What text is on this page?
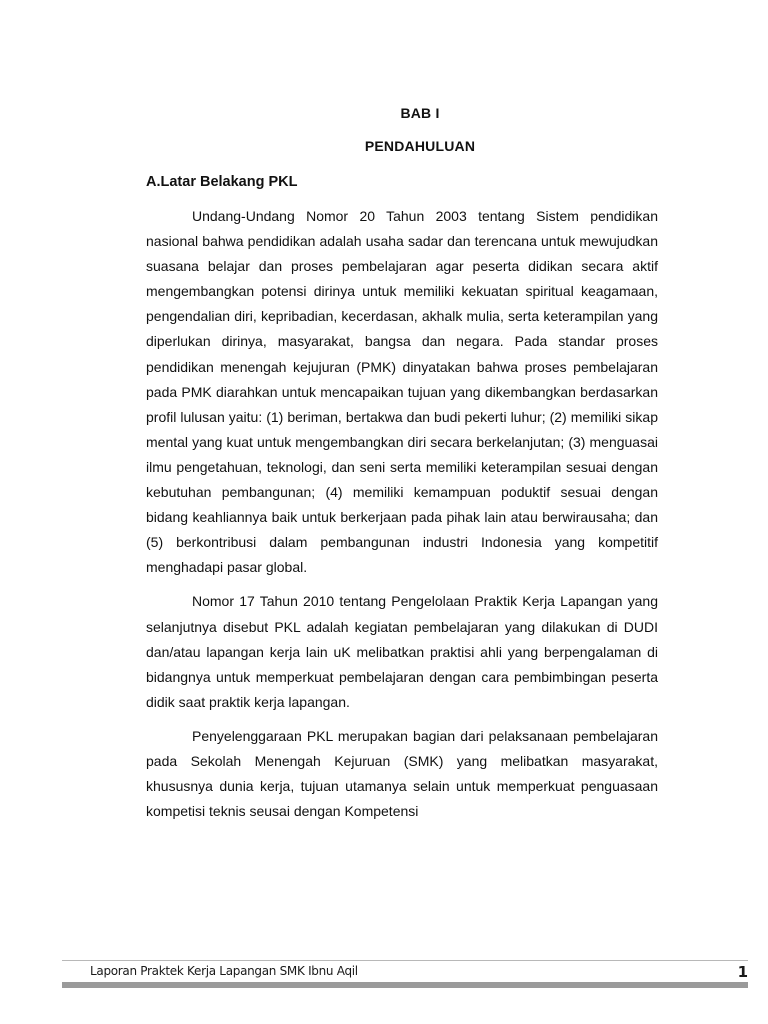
BAB I
PENDAHULUAN
A.Latar Belakang PKL

Undang-Undang Nomor 20 Tahun 2003 tentang Sistem pendidikan nasional bahwa pendidikan adalah usaha sadar dan terencana untuk mewujudkan suasana belajar dan proses pembelajaran agar peserta didikan secara aktif mengembangkan potensi dirinya untuk memiliki kekuatan spiritual keagamaan, pengendalian diri, kepribadian, kecerdasan, akhalk mulia, serta keterampilan yang diperlukan dirinya, masyarakat, bangsa dan negara. Pada standar proses pendidikan menengah kejujuran (PMK) dinyatakan bahwa proses pembelajaran pada PMK diarahkan untuk mencapaikan tujuan yang dikembangkan berdasarkan profil lulusan yaitu: (1) beriman, bertakwa dan budi pekerti luhur; (2) memiliki sikap mental yang kuat untuk mengembangkan diri secara berkelanjutan; (3) menguasai ilmu pengetahuan, teknologi, dan seni serta memiliki keterampilan sesuai dengan kebutuhan pembangunan; (4) memiliki kemampuan poduktif sesuai dengan bidang keahliannya baik untuk berkerjaan pada pihak lain atau berwirausaha; dan (5) berkontribusi dalam pembangunan industri Indonesia yang kompetitif menghadapi pasar global.

Nomor 17 Tahun 2010 tentang Pengelolaan Praktik Kerja Lapangan yang selanjutnya disebut PKL adalah kegiatan pembelajaran yang dilakukan di DUDI dan/atau lapangan kerja lain uK melibatkan praktisi ahli yang berpengalaman di bidangnya untuk memperkuat pembelajaran dengan cara pembimbingan peserta didik saat praktik kerja lapangan.

Penyelenggaraan PKL merupakan bagian dari pelaksanaan pembelajaran pada Sekolah Menengah Kejuruan (SMK) yang melibatkan masyarakat, khususnya dunia kerja, tujuan utamanya selain untuk memperkuat penguasaan kompetisi teknis seusai dengan Kompetensi

Laporan Praktek Kerja Lapangan SMK Ibnu Aqil	1
